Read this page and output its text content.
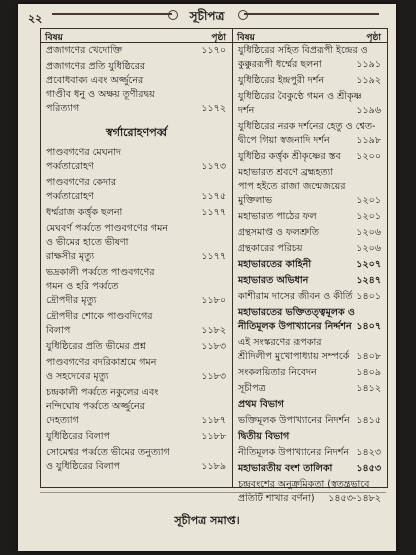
২২	সূচীপত্র
বিষয়	পৃষ্ঠা
প্রজাগণের খেদোক্তি	১১৭০
প্রজাগণের প্রতি যুধিষ্ঠিরের
প্রবোধবাক্য এবং অর্জ্জুনের
গাণ্ডীব ধনু ও অক্ষয় তূণীরদ্বয়
পরিত্যাগ	১১৭২
স্বর্গারোহণপর্ব্ব
পাণ্ডবগণের মেঘনাদ
পর্ব্বতারোহণ	১১৭৩
পাণ্ডবগণের কেদার
পর্ব্বতারোহণ	১১৭৫
ধর্ম্মরাজ কর্ত্তৃক ছলনা	১১৭৭
মেঘবর্ণ পর্ব্বতে পাণ্ডবগণের গমন
ও ভীমের হাতে ভীষণা
রাক্ষসীর মৃত্যু	১১৭৭
ভদ্রকালী পর্ব্বতে পাণ্ডবগণের
গমন ও হরি পর্ব্বতে
দ্রৌপদীর মৃত্যু	১১৮০
দ্রৌপদীর শোকে পাণ্ডবদিগের
বিলাপ	১১৮২
যুধিষ্ঠিরের প্রতি ভীমের প্রশ্ন	১১৮৩
পাণ্ডবগণের বদরিকাশ্রমে গমন
ও সহদেবের মৃত্যু	১১৮৩
চন্দ্রকালী পর্ব্বতে নকুলের এবং
নন্দিঘোষ পর্ব্বতে অর্জ্জুনের
দেহত্যাগ	১১৮৭
যুধিষ্ঠিরের বিলাপ	১১৮৮
সোমেশ্বর পর্ব্বতে ভীমের তনুত্যাগ
ও যুধিষ্ঠিরের বিলাপ	১১৮৯
বিষয়	পৃষ্ঠা
যুধিষ্ঠিরের সহিত বিপ্ররূপী ইন্দ্রের ও
কুক্কুররূপী ধর্ম্মের ছলনা	১১৯১
যুধিষ্ঠিরের ইন্দ্রপুরী দর্শন	১১৯২
যুধিষ্ঠিরের বৈকুণ্ঠে গমন ও শ্রীকৃষ্ণ
দর্শন	১১৯৬
যুধিষ্ঠিরের নরক দর্শনের হেতু ও শ্বেত-
দ্বীপে গিয়া স্বজনাদি দর্শন	১১৯৮
যুধিষ্ঠির কর্ত্তৃক শ্রীকৃষ্ণের স্তব ১২০০
মহাভারত শ্রবণে ব্রহ্মহত্যা
পাপ হইতে রাজা জন্মেজয়ের
মুক্তিলাভ	১২০১
মহাভারত পাঠের ফল	১২০১
গ্রন্থসমাপ্ত ও ফলশ্রুতি	১২০৬
গ্রন্থকারের পরিচয়	১২০৬
মহাভারতের কাহিনী	১২০৭
মহাভারত অভিধান	১২৪৭
কাশীরাম দাসের জীবন ও কীর্তি ১৪০১
মহাভারতের ভক্তিতত্ত্বমূলক ও
নীতিমূলক উপাখ্যানের নির্দ্দশন ১৪০৭
এই সংস্করণের রূপকার
শ্রীদিলীপ মুখোপাধ্যায় সম্পর্কে ১৪০৮
সংকলয়িতার নিবেদন	১৪০৯
সূচীপত্র	১৪১২
প্রথম বিভাগ
ভক্তিমূলক উপাখ্যানের নিদর্শন ১৪১৫
দ্বিতীয় বিভাগ
নীতিমূলক উপাখ্যানের নিদর্শন ১৪২৩
মহাভারতীয় বংশ তালিকা	১৪৫৩
চন্দ্রবংশের অনুক্রমিকতা (স্বতন্ত্রভাবে
প্রতিটি শাখার বর্ণনা)	১৪৫৩-১৪৮২
সূচীপত্র সমাপ্ত।
